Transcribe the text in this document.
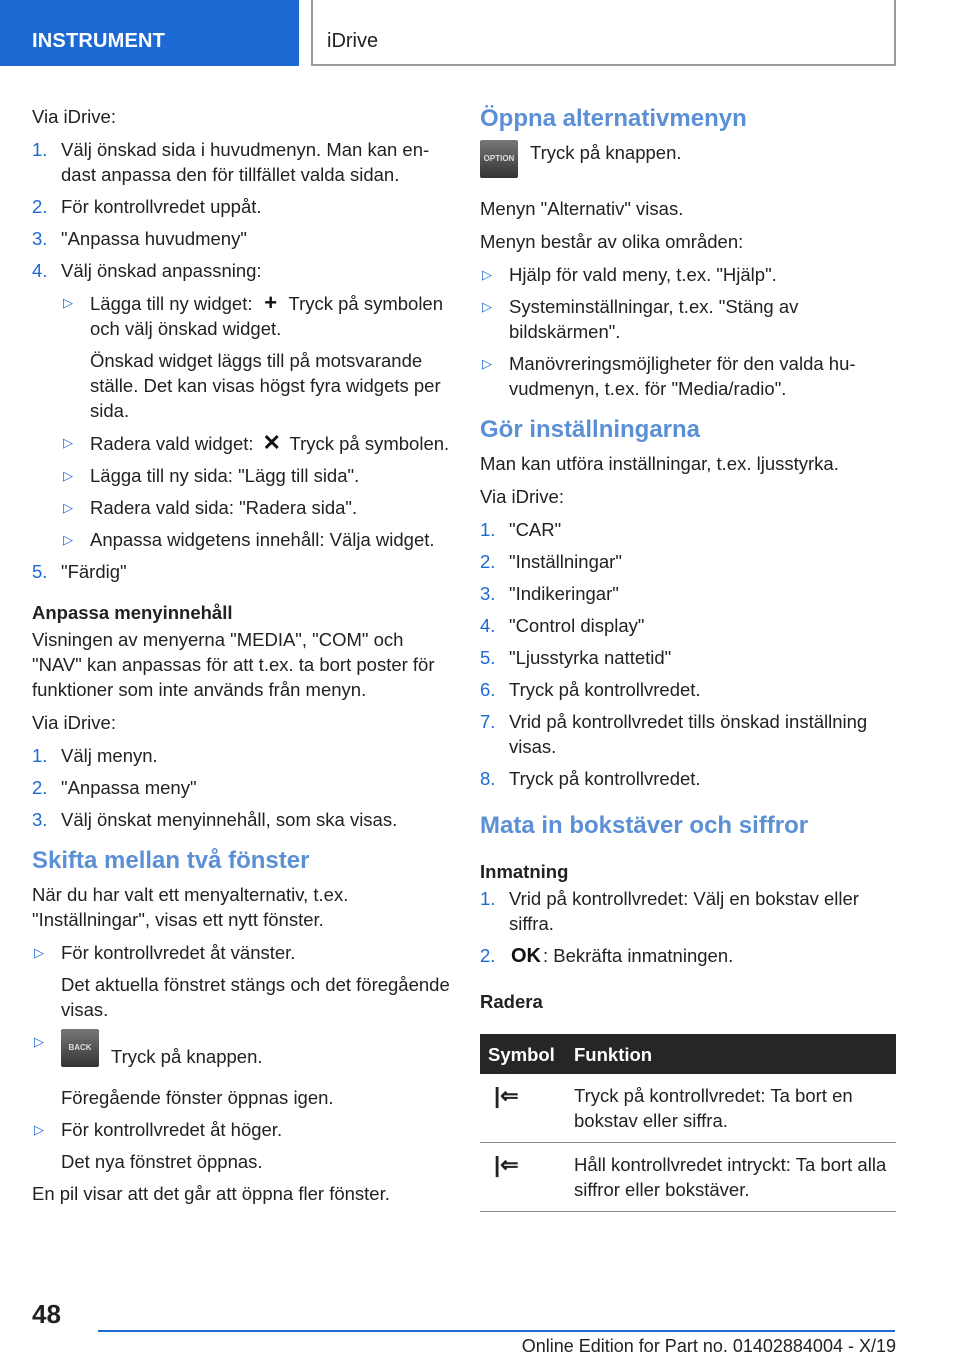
INSTRUMENT	iDrive

Via iDrive:

1. Välj önskad sida i huvudmenyn. Man kan endast anpassa den för tillfället valda sidan.
2. För kontrollvredet uppåt.
3. "Anpassa huvudmeny"
4. Välj önskad anpassning:
▷ Lägga till ny widget: + Tryck på symbolen och välj önskad widget.
Önskad widget läggs till på motsvarande ställe. Det kan visas högst fyra widgets per sida.
▷ Radera vald widget: ✕ Tryck på symbolen.
▷ Lägga till ny sida: "Lägg till sida".
▷ Radera vald sida: "Radera sida".
▷ Anpassa widgetens innehåll: Välja widget.
5. "Färdig"
Anpassa menyinnehåll

Visningen av menyerna "MEDIA", "COM" och "NAV" kan anpassas för att t.ex. ta bort poster för funktioner som inte används från menyn.

Via iDrive:

1. Välj menyn.
2. "Anpassa meny"
3. Välj önskat menyinnehåll, som ska visas.
Skifta mellan två fönster

När du har valt ett menyalternativ, t.ex. "Inställningar", visas ett nytt fönster.

▷ För kontrollvredet åt vänster.
Det aktuella fönstret stängs och det föregående visas.
▷	BACK Tryck på knappen.
Föregående fönster öppnas igen.
▷ För kontrollvredet åt höger.
Det nya fönstret öppnas.

En pil visar att det går att öppna fler fönster.

Öppna alternativmenyn

OPTION Tryck på knappen.

Menyn "Alternativ" visas.

Menyn består av olika områden:

▷ Hjälp för vald meny, t.ex. "Hjälp".
▷ Systeminställningar, t.ex. "Stäng av bildskärmen".
▷ Manövreringsmöjligheter för den valda huvudmenyn, t.ex. för "Media/radio".
Gör inställningarna

Man kan utföra inställningar, t.ex. ljusstyrka.

Via iDrive:

1. "CAR"
2. "Inställningar"
3. "Indikeringar"
4. "Control display"
5. "Ljusstyrka nattetid"
6. Tryck på kontrollvredet.
7. Vrid på kontrollvredet tills önskad inställning visas.
8. Tryck på kontrollvredet.
Mata in bokstäver och siffror
Inmatning
1. Vrid på kontrollvredet: Välj en bokstav eller siffra.
2. OK : Bekräfta inmatningen.
Radera
Symbol	Funktion
|⇐	Tryck på kontrollvredet: Ta bort en bokstav eller siffra.
|⇐	Håll kontrollvredet intryckt: Ta bort alla siffror eller bokstäver.
48
Online Edition for Part no. 01402884004 - X/19
